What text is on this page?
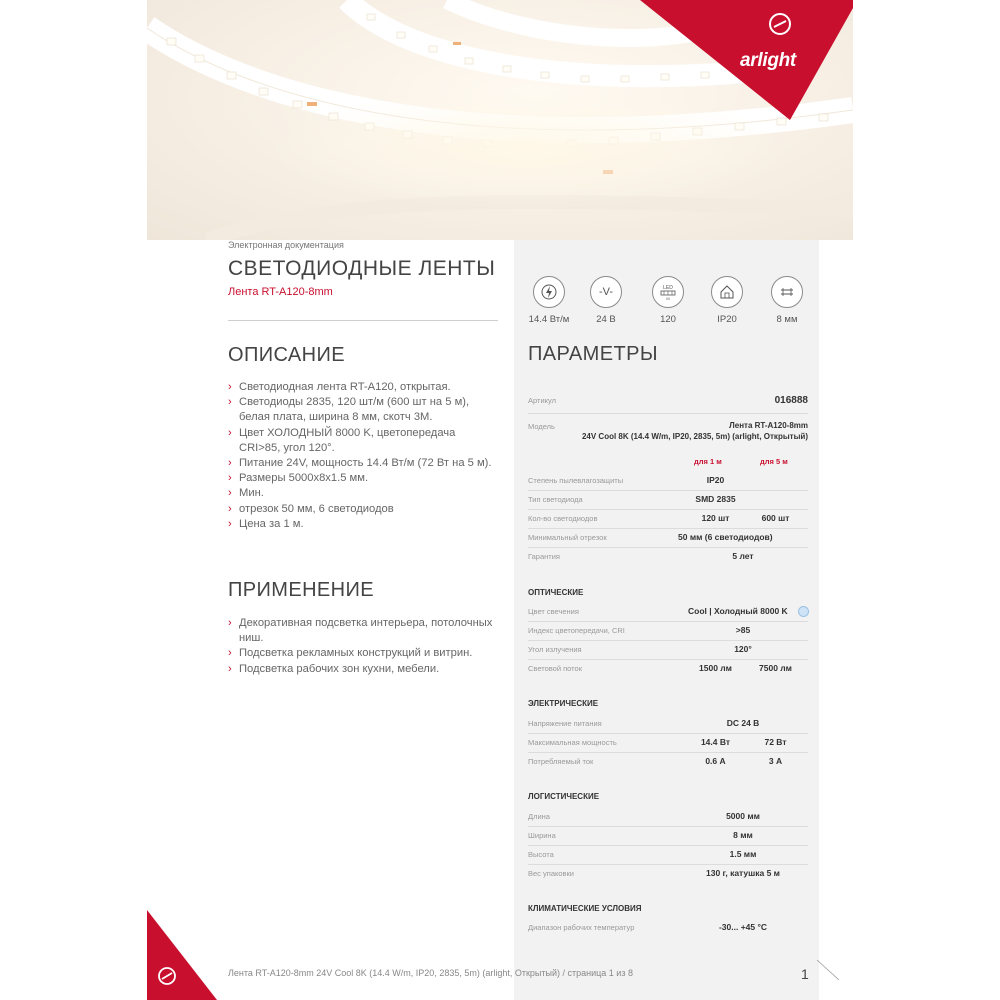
arlight
Электронная документация
СВЕТОДИОДНЫЕ ЛЕНТЫ
Лента RT-A120-8mm
ОПИСАНИЕ
› Светодиодная лента RT-A120, открытая.
› Светодиоды 2835, 120 шт/м (600 шт на 5 м), белая плата, ширина 8 мм, скотч 3M.
› Цвет ХОЛОДНЫЙ 8000 K, цветопередача CRI>85, угол 120°.
› Питание 24V, мощность 14.4 Вт/м (72 Вт на 5 м).
› Размеры 5000х8х1.5 мм.
› Мин.
› отрезок 50 мм, 6 светодиодов
› Цена за 1 м.
ПРИМЕНЕНИЕ
› Декоративная подсветка интерьера, потолочных ниш.
› Подсветка рекламных конструкций и витрин.
› Подсветка рабочих зон кухни, мебели.
14.4 Вт/м
-V-
24 В
LED
M
120	IP20	8 мм
ПАРАМЕТРЫ
Артикул	016888
Модель	Лента RT-A120-8mm
24V Cool 8K (14.4 W/m, IP20, 2835, 5m) (arlight, Открытый)
для 1 м	для 5 м
Степень пылевлагозащиты	IP20
Тип светодиода	SMD 2835
Кол-во светодиодов	120 шт	600 шт
Минимальный отрезок	50 мм (6 светодиодов)
Гарантия	5 лет
ОПТИЧЕСКИЕ
Цвет свечения	Cool | Холодный 8000 K
Индекс цветопередачи, CRI	>85
Угол излучения	120°
Световой поток	1500 лм	7500 лм
ЭЛЕКТРИЧЕСКИЕ
Напряжение питания	DC 24 В
Максимальная мощность	14.4 Вт	72 Вт
Потребляемый ток	0.6 А	3 А
ЛОГИСТИЧЕСКИЕ
Длина	5000 мм
Ширина	8 мм
Высота	1.5 мм
Вес упаковки	130 г, катушка 5 м
КЛИМАТИЧЕСКИЕ УСЛОВИЯ
Диапазон рабочих температур	-30... +45 °C
Лента RT-A120-8mm 24V Cool 8K (14.4 W/m, IP20, 2835, 5m) (arlight, Открытый) / страница 1 из 8	1
